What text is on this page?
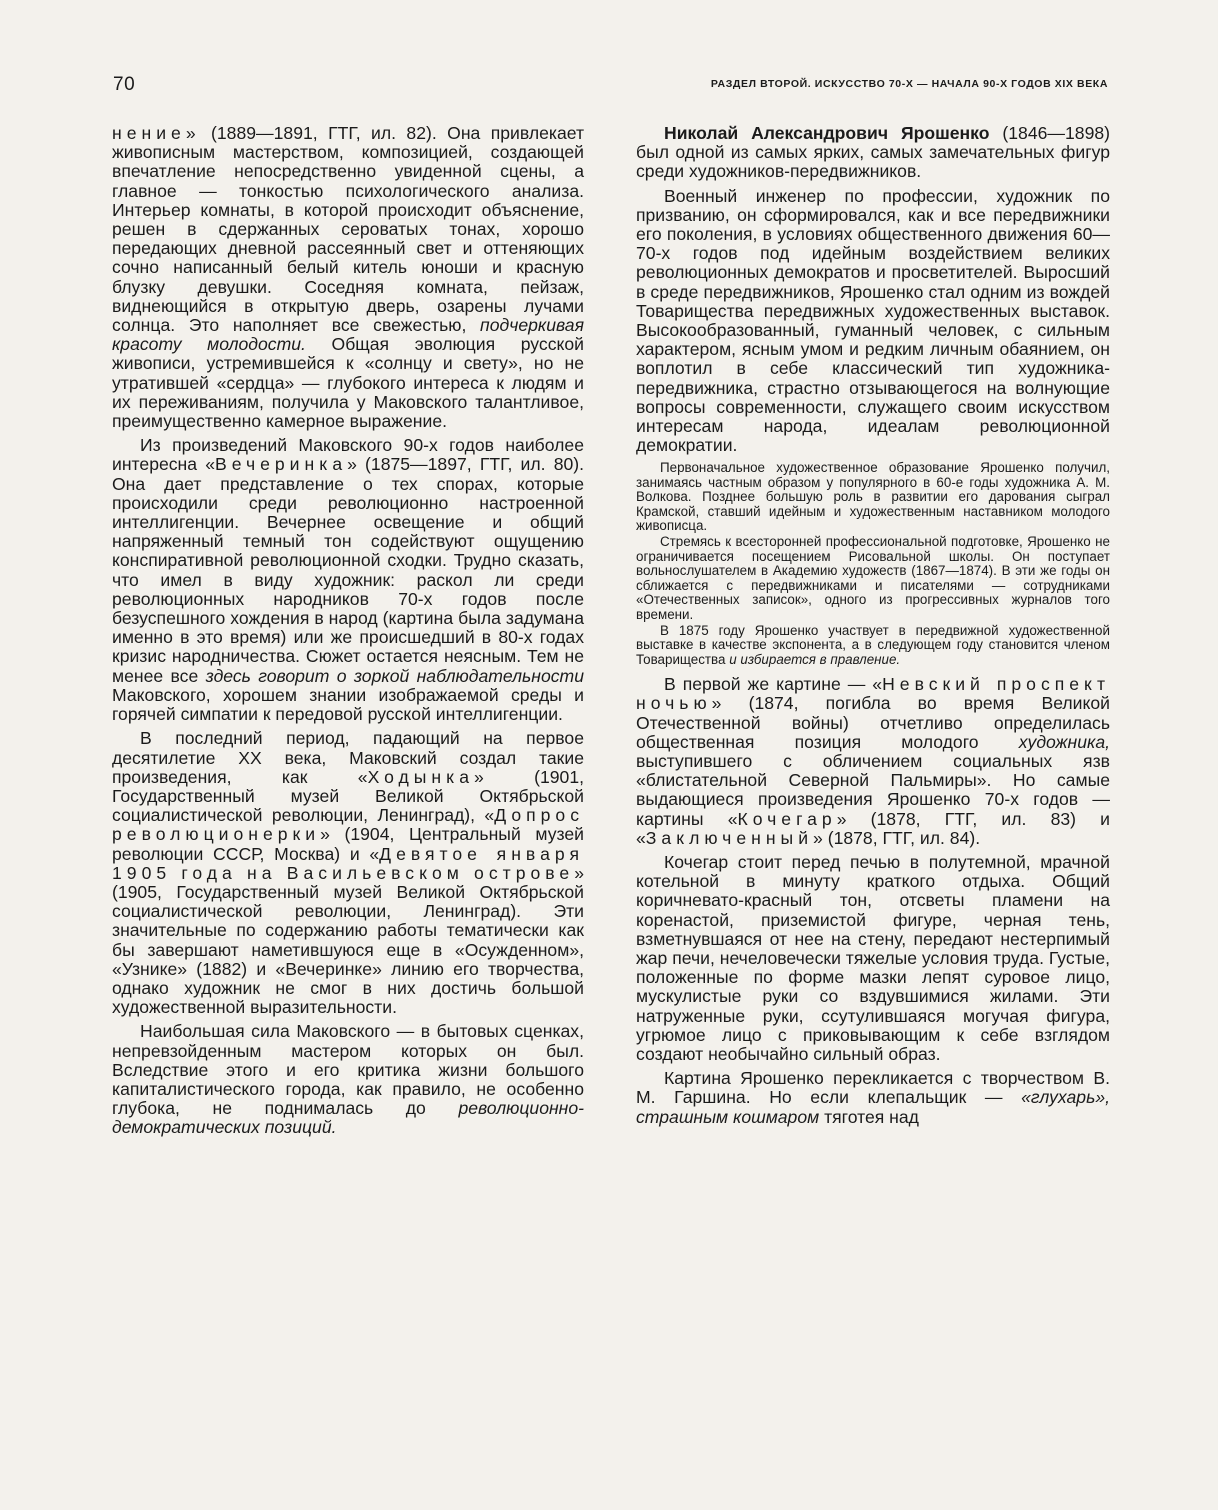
70	РАЗДЕЛ ВТОРОЙ. ИСКУССТВО 70-Х — НАЧАЛА 90-Х ГОДОВ XIX ВЕКА

нение» (1889—1891, ГТГ, ил. 82). Она привлекает живописным мастерством, композицией, создающей впечатление непосредственно увиденной сцены, а главное — тонкостью психологического анализа. Интерьер комнаты, в которой происходит объяснение, решен в сдержанных сероватых тонах, хорошо передающих дневной рассеянный свет и оттеняющих сочно написанный белый китель юноши и красную блузку девушки. Соседняя комната, пейзаж, виднеющийся в открытую дверь, озарены лучами солнца. Это наполняет все свежестью, подчеркивая красоту молодости. Общая эволюция русской живописи, устремившейся к «солнцу и свету», но не утратившей «сердца» — глубокого интереса к людям и их переживаниям, получила у Маковского талантливое, преимущественно камерное выражение.

Из произведений Маковского 90-х годов наиболее интересна «Вечеринка» (1875—1897, ГТГ, ил. 80). Она дает представление о тех спорах, которые происходили среди революционно настроенной интеллигенции. Вечернее освещение и общий напряженный темный тон содействуют ощущению конспиративной революционной сходки. Трудно сказать, что имел в виду художник: раскол ли среди революционных народников 70-х годов после безуспешного хождения в народ (картина была задумана именно в это время) или же происшедший в 80-х годах кризис народничества. Сюжет остается неясным. Тем не менее все здесь говорит о зоркой наблюдательности Маковского, хорошем знании изображаемой среды и горячей симпатии к передовой русской интеллигенции.

В последний период, падающий на первое десятилетие XX века, Маковский создал такие произведения, как «Ходынка» (1901, Государственный музей Великой Октябрьской социалистической революции, Ленинград), «Допрос революционерки» (1904, Центральный музей революции СССР, Москва) и «Девятое января 1905 года на Васильевском острове» (1905, Государственный музей Великой Октябрьской социалистической революции, Ленинград). Эти значительные по содержанию работы тематически как бы завершают наметившуюся еще в «Осужденном», «Узнике» (1882) и «Вечеринке» линию его творчества, однако художник не смог в них достичь большой художественной выразительности.

Наибольшая сила Маковского — в бытовых сценках, непревзойденным мастером которых он был. Вследствие этого и его критика жизни большого капиталистического города, как правило, не особенно глубока, не поднималась до революционно-демократических позиций.

Николай Александрович Ярошенко (1846—1898) был одной из самых ярких, самых замечательных фигур среди художников-передвижников.

Военный инженер по профессии, художник по призванию, он сформировался, как и все передвижники его поколения, в условиях общественного движения 60—70-х годов под идейным воздействием великих революционных демократов и просветителей. Выросший в среде передвижников, Ярошенко стал одним из вождей Товарищества передвижных художественных выставок. Высокообразованный, гуманный человек, с сильным характером, ясным умом и редким личным обаянием, он воплотил в себе классический тип художника-передвижника, страстно отзывающегося на волнующие вопросы современности, служащего своим искусством интересам народа, идеалам революционной демократии.

Первоначальное художественное образование Ярошенко получил, занимаясь частным образом у популярного в 60-е годы художника А. М. Волкова. Позднее большую роль в развитии его дарования сыграл Крамской, ставший идейным и художественным наставником молодого живописца.

Стремясь к всесторонней профессиональной подготовке, Ярошенко не ограничивается посещением Рисовальной школы. Он поступает вольнослушателем в Академию художеств (1867—1874). В эти же годы он сближается с передвижниками и писателями — сотрудниками «Отечественных записок», одного из прогрессивных журналов того времени.

В 1875 году Ярошенко участвует в передвижной художественной выставке в качестве экспонента, а в следующем году становится членом Товарищества и избирается в правление.

В первой же картине — «Невский проспект ночью» (1874, погибла во время Великой Отечественной войны) отчетливо определилась общественная позиция молодого художника, выступившего с обличением социальных язв «блистательной Северной Пальмиры». Но самые выдающиеся произведения Ярошенко 70-х годов — картины «Кочегар» (1878, ГТГ, ил. 83) и «Заключенный» (1878, ГТГ, ил. 84).

Кочегар стоит перед печью в полутемной, мрачной котельной в минуту краткого отдыха. Общий коричневато-красный тон, отсветы пламени на коренастой, приземистой фигуре, черная тень, взметнувшаяся от нее на стену, передают нестерпимый жар печи, нечеловечески тяжелые условия труда. Густые, положенные по форме мазки лепят суровое лицо, мускулистые руки со вздувшимися жилами. Эти натруженные руки, ссутулившаяся могучая фигура, угрюмое лицо с приковывающим к себе взглядом создают необычайно сильный образ.

Картина Ярошенко перекликается с творчеством В. М. Гаршина. Но если клепальщик — «глухарь», страшным кошмаром тяготея над
